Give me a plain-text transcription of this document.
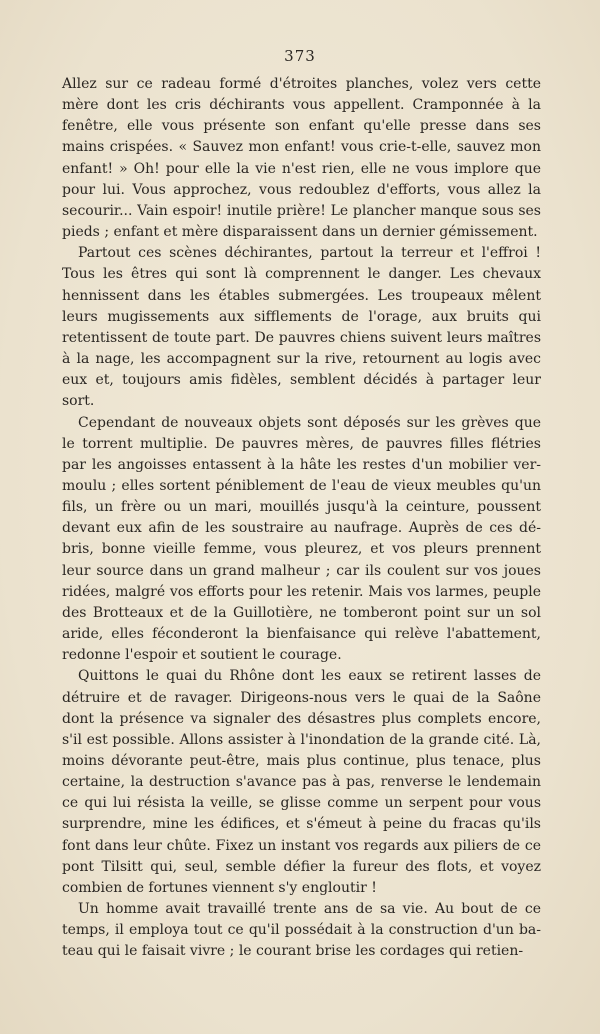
373

Allez sur ce radeau formé d'étroites planches, volez vers cette mère dont les cris déchirants vous appellent. Cramponnée à la fenêtre, elle vous présente son enfant qu'elle presse dans ses mains crispées. « Sauvez mon enfant! vous crie-t-elle, sauvez mon enfant! » Oh! pour elle la vie n'est rien, elle ne vous implore que pour lui. Vous approchez, vous redoublez d'efforts, vous allez la secourir... Vain espoir! inutile prière! Le plancher manque sous ses pieds ; enfant et mère disparaissent dans un dernier gémissement.

Partout ces scènes déchirantes, partout la terreur et l'effroi ! Tous les êtres qui sont là comprennent le danger. Les chevaux hennissent dans les étables submergées. Les troupeaux mêlent leurs mugissements aux sifflements de l'orage, aux bruits qui retentissent de toute part. De pauvres chiens suivent leurs maîtres à la nage, les accompagnent sur la rive, retournent au logis avec eux et, toujours amis fidèles, semblent décidés à partager leur sort.

Cependant de nouveaux objets sont déposés sur les grèves que le torrent multiplie. De pauvres mères, de pauvres filles flétries par les angoisses entassent à la hâte les restes d'un mobilier vermoulu ; elles sortent péniblement de l'eau de vieux meubles qu'un fils, un frère ou un mari, mouillés jusqu'à la ceinture, poussent devant eux afin de les soustraire au naufrage. Auprès de ces débris, bonne vieille femme, vous pleurez, et vos pleurs prennent leur source dans un grand malheur ; car ils coulent sur vos joues ridées, malgré vos efforts pour les retenir. Mais vos larmes, peuple des Brotteaux et de la Guillotière, ne tomberont point sur un sol aride, elles féconderont la bienfaisance qui relève l'abattement, redonne l'espoir et soutient le courage.

Quittons le quai du Rhône dont les eaux se retirent lasses de détruire et de ravager. Dirigeons-nous vers le quai de la Saône dont la présence va signaler des désastres plus complets encore, s'il est possible. Allons assister à l'inondation de la grande cité. Là, moins dévorante peut-être, mais plus continue, plus tenace, plus certaine, la destruction s'avance pas à pas, renverse le lendemain ce qui lui résista la veille, se glisse comme un serpent pour vous surprendre, mine les édifices, et s'émeut à peine du fracas qu'ils font dans leur chûte. Fixez un instant vos regards aux piliers de ce pont Tilsitt qui, seul, semble défier la fureur des flots, et voyez combien de fortunes viennent s'y engloutir !

Un homme avait travaillé trente ans de sa vie. Au bout de ce temps, il employa tout ce qu'il possédait à la construction d'un bateau qui le faisait vivre ; le courant brise les cordages qui retien-
